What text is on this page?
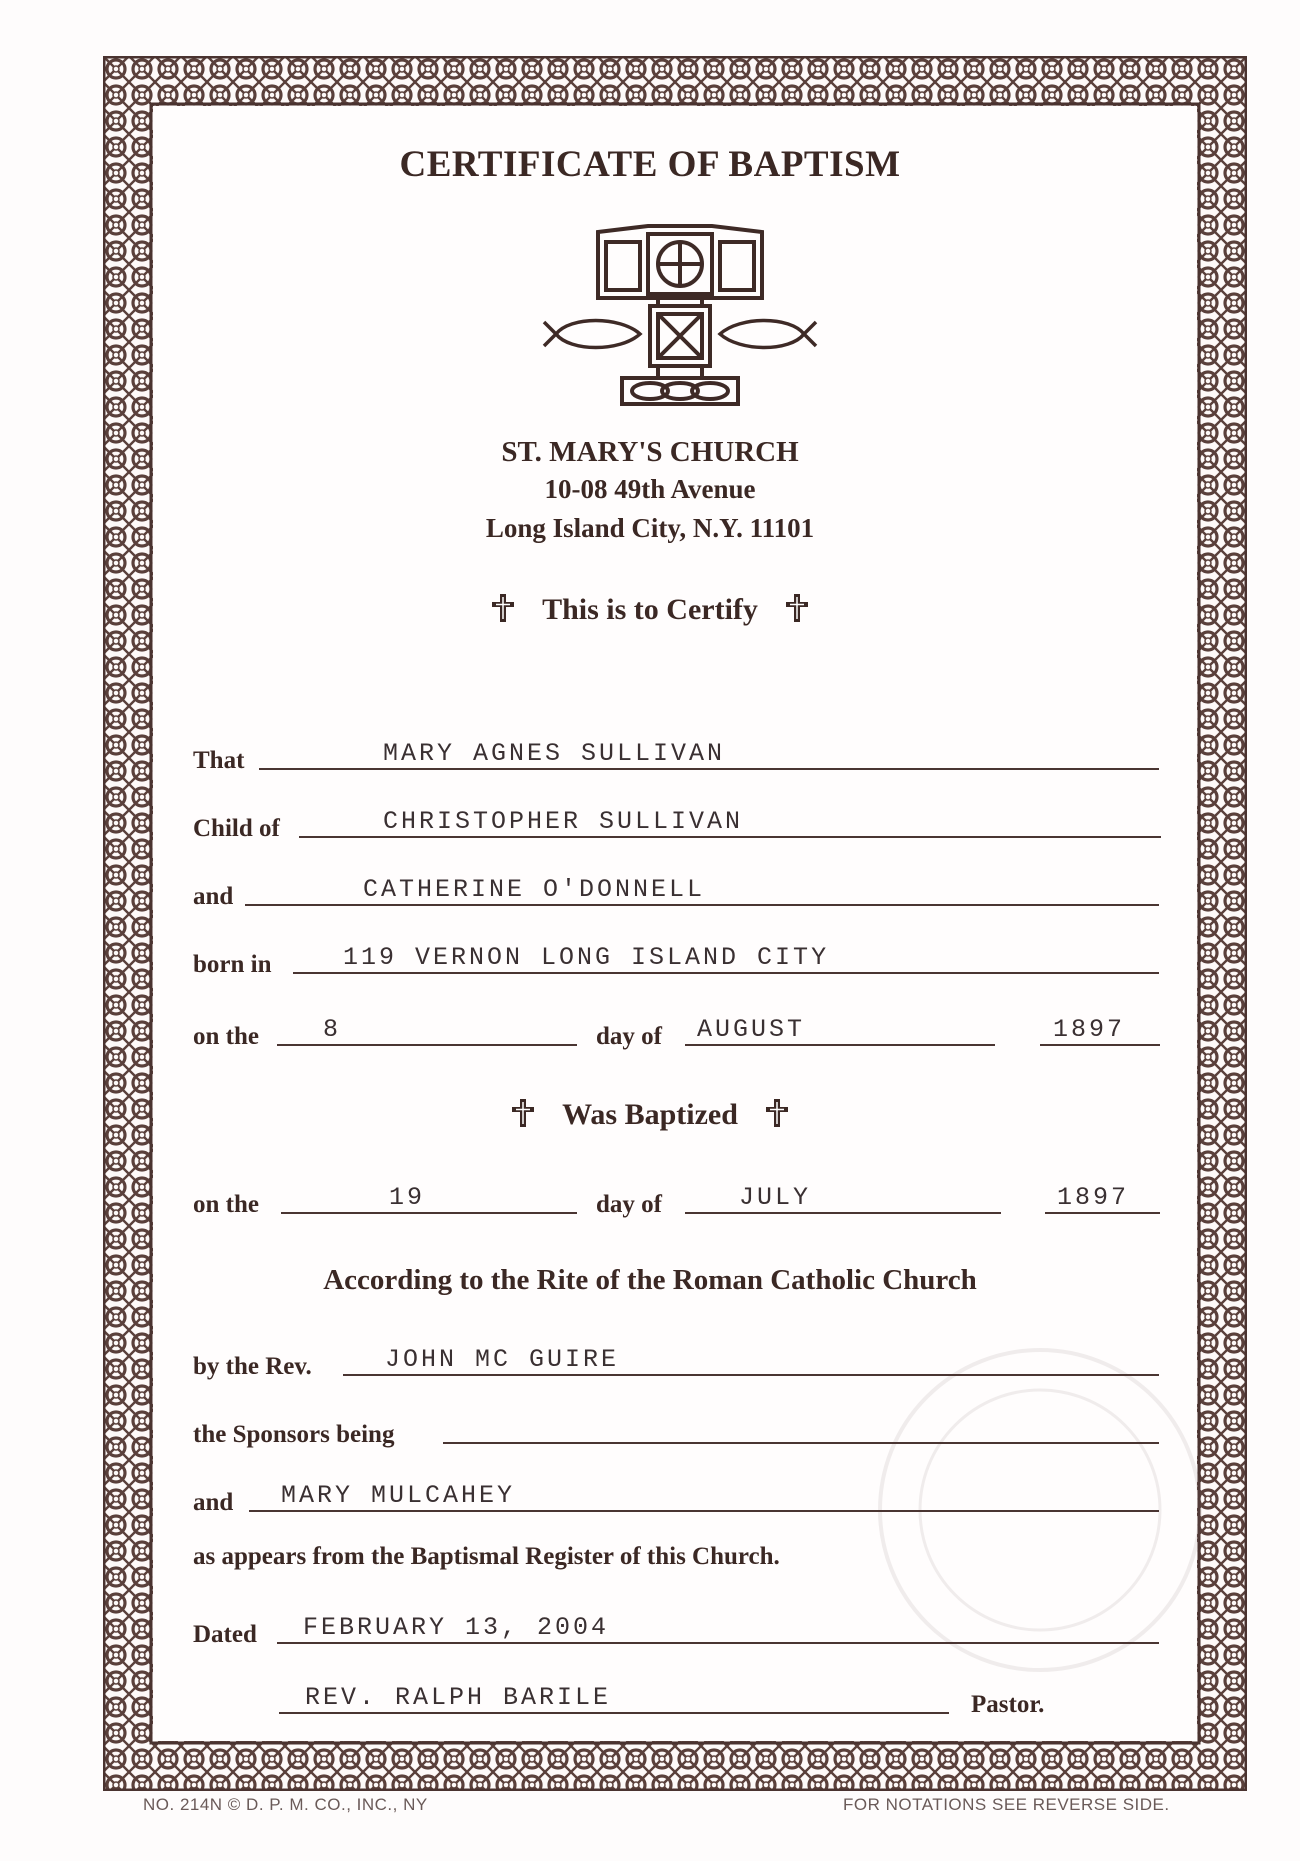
CERTIFICATE OF BAPTISM
ST. MARY'S CHURCH
10-08 49th Avenue
Long Island City, N.Y. 11101
This is to Certify
That	MARY AGNES SULLIVAN
Child of	CHRISTOPHER SULLIVAN
and	CATHERINE O'DONNELL
born in	119 VERNON LONG ISLAND CITY
on the	8	day of AUGUST	1897
Was Baptized
on the	19	day of	JULY	1897
According to the Rite of the Roman Catholic Church
by the Rev.	JOHN MC GUIRE
the Sponsors being
and MARY MULCAHEY
as appears from the Baptismal Register of this Church.
Dated FEBRUARY 13, 2004
REV. RALPH BARILE	Pastor.
NO. 214N © D. P. M. CO., INC., NY	FOR NOTATIONS SEE REVERSE SIDE.
